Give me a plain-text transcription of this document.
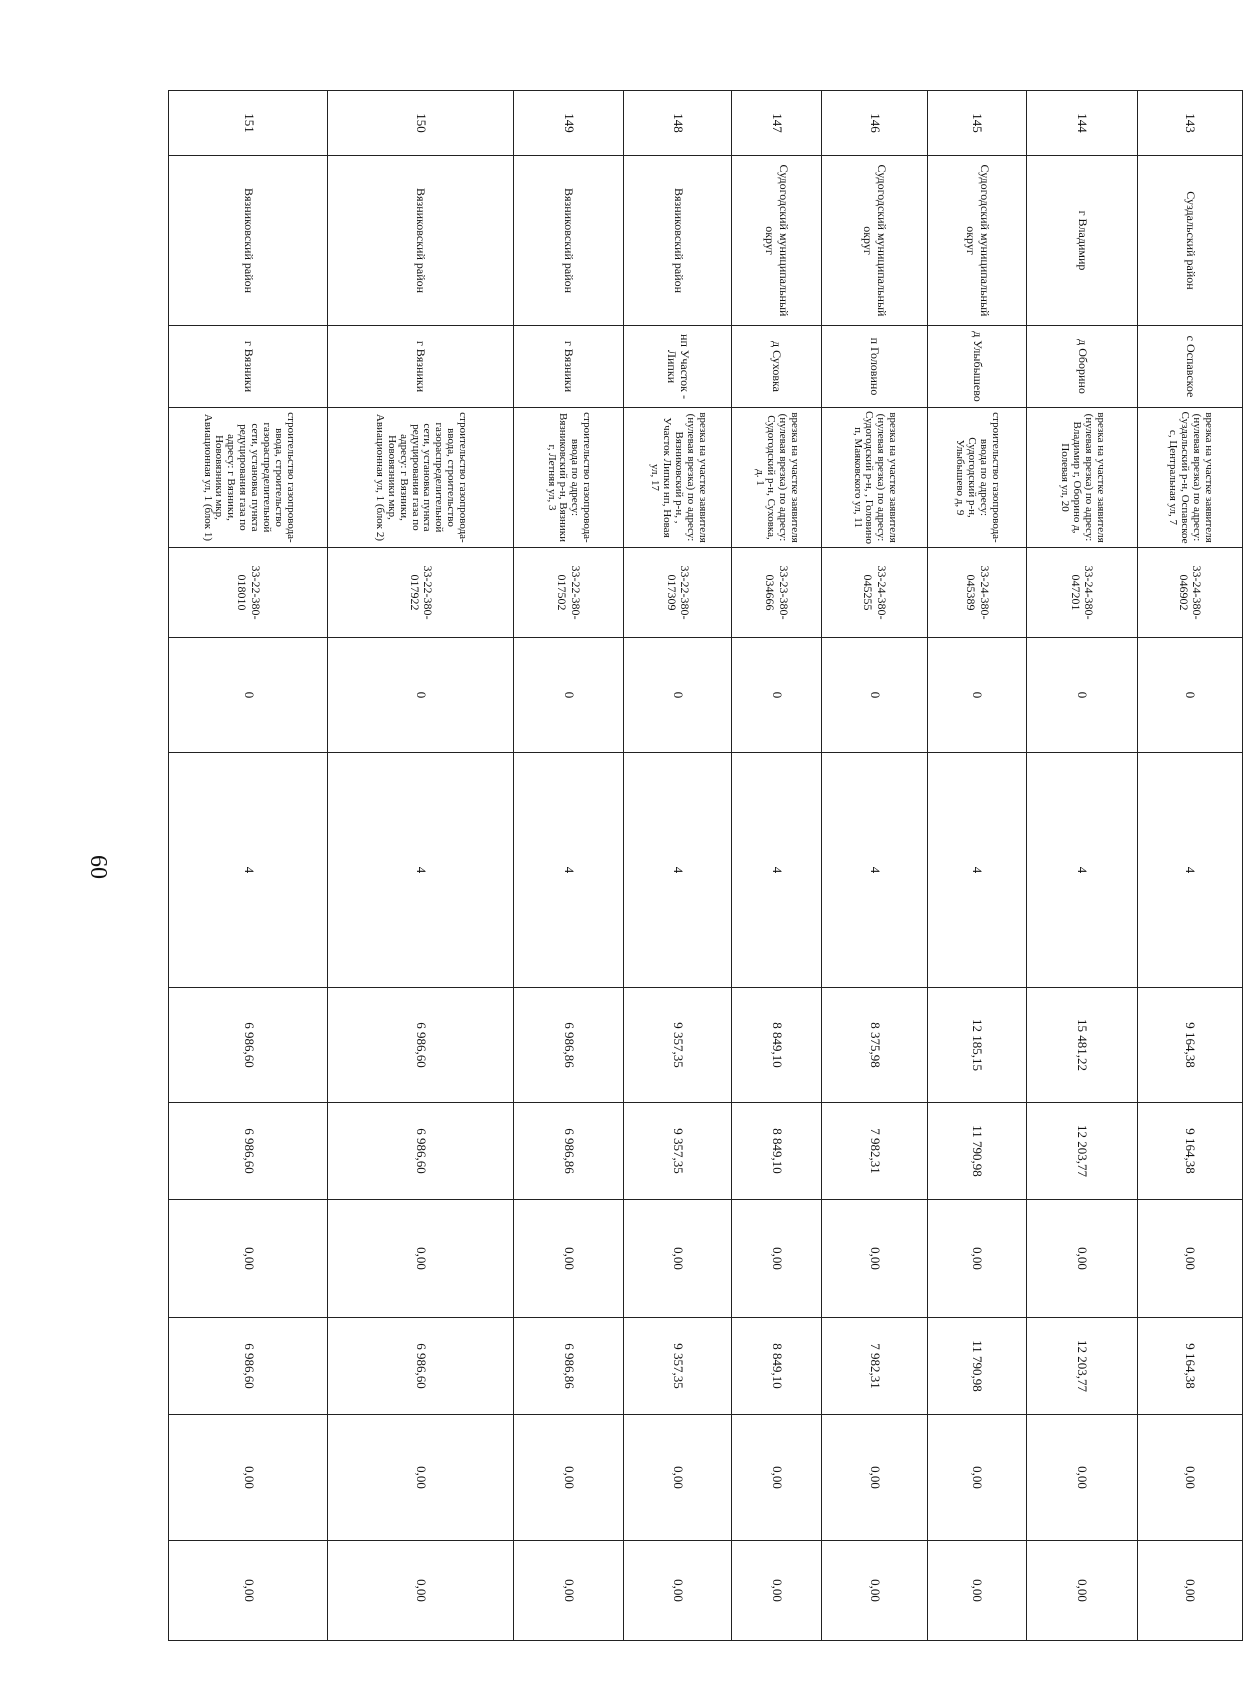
60
143	Суздальский район	с Оспавское	врезка на участке заявителя (нулевая врезка) по адресу: Суздальский р-н, Оспавское с, Центральная ул, 7	33-24-380-046902	0	4	9 164,38	9 164,38	0,00	9 164,38	0,00	0,00
144	г Владимир	д Оборино	врезка на участке заявителя (нулевая врезка) по адресу: Владимир г, Оборино д, Полевая ул, 20	33-24-380-047201	0	4	15 481,22	12 203,77	0,00	12 203,77	0,00	0,00
145	Судогодский муниципальный округ	д Улыбышево	строительство газопровода-ввода по адресу: Судогодский р-н, Улыбышево д, 9	33-24-380-045389	0	4	12 185,15	11 790,98	0,00	11 790,98	0,00	0,00
146	Судогодский муниципальный округ	п Головино	врезка на участке заявителя (нулевая врезка) по адресу: Судогодский р-н, , Головино п, Маяковского ул, 11	33-24-380-045255	0	4	8 375,98	7 982,31	0,00	7 982,31	0,00	0,00
147	Судогодский муниципальный округ	д Суховка	врезка на участке заявителя (нулевая врезка) по адресу: Судогодский р-н, Суховка, д. 1	33-23-380-034666	0	4	8 849,10	8 849,10	0,00	8 849,10	0,00	0,00
148	Вязниковский район	нп Участок - Липки	врезка на участке заявителя (нулевая врезка) по адресу: Вязниковский р-н, , Участок Липки нп, Новая ул, 17	33-22-380-017309	0	4	9 357,35	9 357,35	0,00	9 357,35	0,00	0,00
149	Вязниковский район	г Вязники	строительство газопровода-ввода по адресу: Вязниковский р-н, Вязники г, Летняя ул, 3	33-22-380-017502	0	4	6 986,86	6 986,86	0,00	6 986,86	0,00	0,00
150	Вязниковский район	г Вязники	строительство газопровода-ввода, строительство газораспределительной сети, установка пункта редуцирования газа по адресу: г Вязники, Нововязники мкр, Авиационная ул, 1 (блок 2)	33-22-380-017922	0	4	6 986,60	6 986,60	0,00	6 986,60	0,00	0,00
151	Вязниковский район	г Вязники	строительство газопровода-ввода, строительство газораспределительной сети, установка пункта редуцирования газа по адресу: г Вязники, Нововязники мкр, Авиационная ул, 1 (блок 1)	33-22-380-018010	0	4	6 986,60	6 986,60	0,00	6 986,60	0,00	0,00
